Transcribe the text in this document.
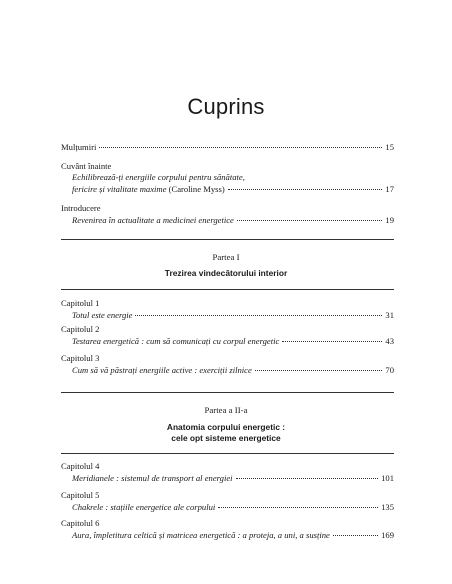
Cuprins
Mulțumiri	15
Cuvânt înainte
Echilibrează-ți energiile corpului pentru sănătate,
fericire și vitalitate maxime (Caroline Myss)	17
Introducere
Revenirea în actualitate a medicinei energetice	19
Partea I
Trezirea vindecătorului interior
Capitolul 1
Totul este energie	31
Capitolul 2
Testarea energetică : cum să comunicați cu corpul energetic	43
Capitolul 3
Cum să vă păstrați energiile active : exerciții zilnice	70
Partea a II-a
Anatomia corpului energetic :
cele opt sisteme energetice
Capitolul 4
Meridianele : sistemul de transport al energiei	101
Capitolul 5
Chakrele : stațiile energetice ale corpului	135
Capitolul 6
Aura, împletitura celtică și matricea energetică : a proteja, a uni, a susține	169
